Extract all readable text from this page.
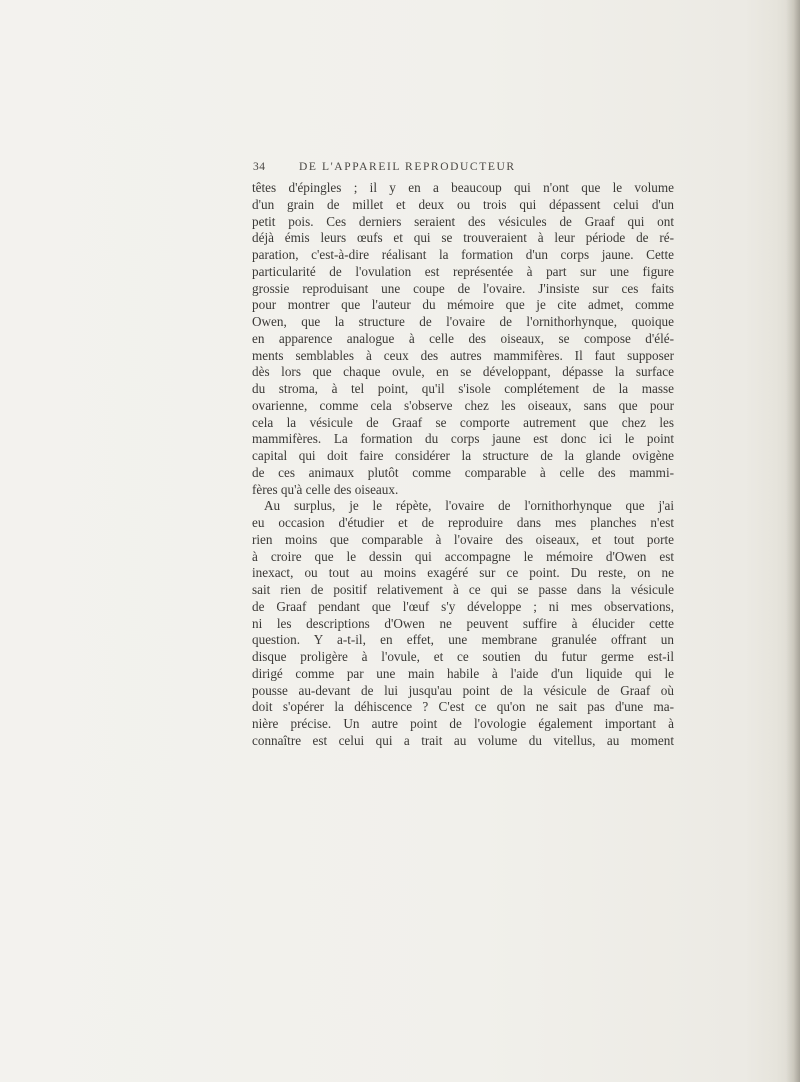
34	DE L'APPAREIL REPRODUCTEUR
têtes d'épingles ; il y en a beaucoup qui n'ont que le volume
d'un grain de millet et deux ou trois qui dépassent celui d'un
petit pois. Ces derniers seraient des vésicules de Graaf qui ont
déjà émis leurs œufs et qui se trouveraient à leur période de ré-
paration, c'est-à-dire réalisant la formation d'un corps jaune. Cette
particularité de l'ovulation est représentée à part sur une figure
grossie reproduisant une coupe de l'ovaire. J'insiste sur ces faits
pour montrer que l'auteur du mémoire que je cite admet, comme
Owen, que la structure de l'ovaire de l'ornithorhynque, quoique
en apparence analogue à celle des oiseaux, se compose d'élé-
ments semblables à ceux des autres mammifères. Il faut supposer
dès lors que chaque ovule, en se développant, dépasse la surface
du stroma, à tel point, qu'il s'isole complétement de la masse
ovarienne, comme cela s'observe chez les oiseaux, sans que pour
cela la vésicule de Graaf se comporte autrement que chez les
mammifères. La formation du corps jaune est donc ici le point
capital qui doit faire considérer la structure de la glande ovigène
de ces animaux plutôt comme comparable à celle des mammi-
fères qu'à celle des oiseaux.
Au surplus, je le répète, l'ovaire de l'ornithorhynque que j'ai
eu occasion d'étudier et de reproduire dans mes planches n'est
rien moins que comparable à l'ovaire des oiseaux, et tout porte
à croire que le dessin qui accompagne le mémoire d'Owen est
inexact, ou tout au moins exagéré sur ce point. Du reste, on ne
sait rien de positif relativement à ce qui se passe dans la vésicule
de Graaf pendant que l'œuf s'y développe ; ni mes observations,
ni les descriptions d'Owen ne peuvent suffire à élucider cette
question. Y a-t-il, en effet, une membrane granulée offrant un
disque proligère à l'ovule, et ce soutien du futur germe est-il
dirigé comme par une main habile à l'aide d'un liquide qui le
pousse au-devant de lui jusqu'au point de la vésicule de Graaf où
doit s'opérer la déhiscence ? C'est ce qu'on ne sait pas d'une ma-
nière précise. Un autre point de l'ovologie également important à
connaître est celui qui a trait au volume du vitellus, au moment
